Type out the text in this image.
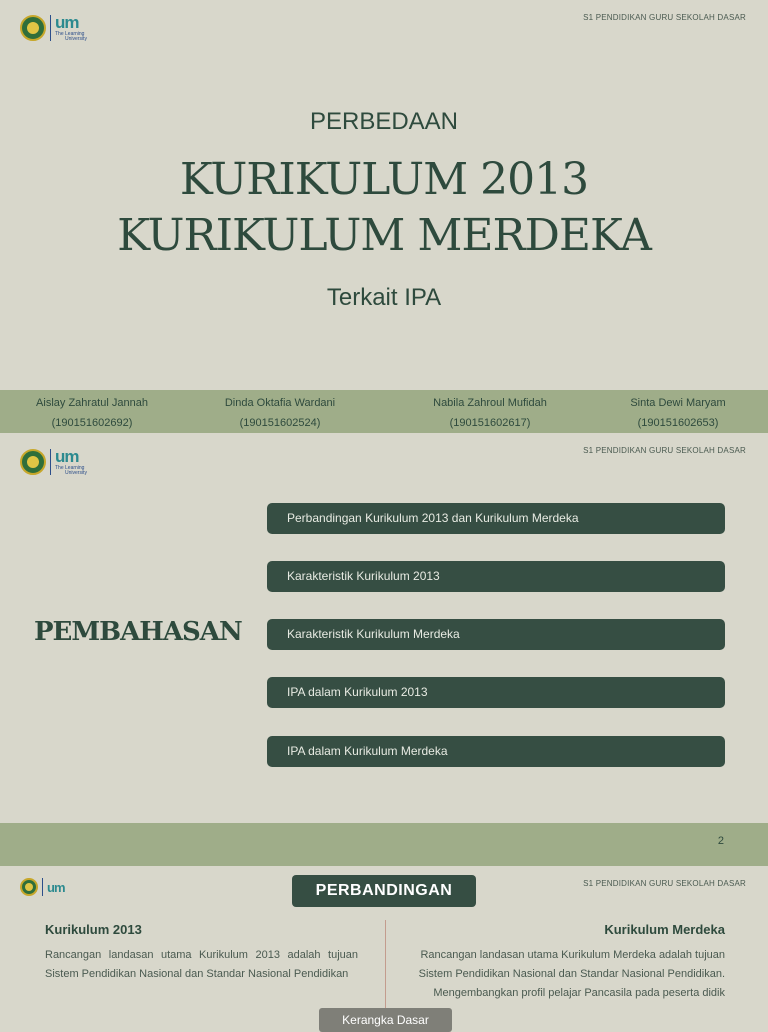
um
The Learning
University
S1 PENDIDIKAN GURU SEKOLAH DASAR
PERBEDAAN
KURIKULUM 2013
KURIKULUM MERDEKA
Terkait IPA
Aislay Zahratul Jannah
(190151602692)
Dinda Oktafia Wardani
(190151602524)
Nabila Zahroul Mufidah
(190151602617)
Sinta Dewi Maryam
(190151602653)
um
The Learning
University
S1 PENDIDIKAN GURU SEKOLAH DASAR
PEMBAHASAN
Perbandingan Kurikulum 2013 dan Kurikulum Merdeka
Karakteristik Kurikulum 2013
Karakteristik Kurikulum Merdeka
IPA dalam Kurikulum 2013
IPA dalam Kurikulum Merdeka
2
um	S1 PENDIDIKAN GURU SEKOLAH DASAR
PERBANDINGAN
Kurikulum 2013	Kurikulum Merdeka
Rancangan landasan utama Kurikulum 2013 adalah tujuan Sistem Pendidikan Nasional dan Standar Nasional Pendidikan
Rancangan landasan utama Kurikulum Merdeka adalah tujuan Sistem Pendidikan Nasional dan Standar Nasional Pendidikan. Mengembangkan profil pelajar Pancasila pada peserta didik
Kerangka Dasar
